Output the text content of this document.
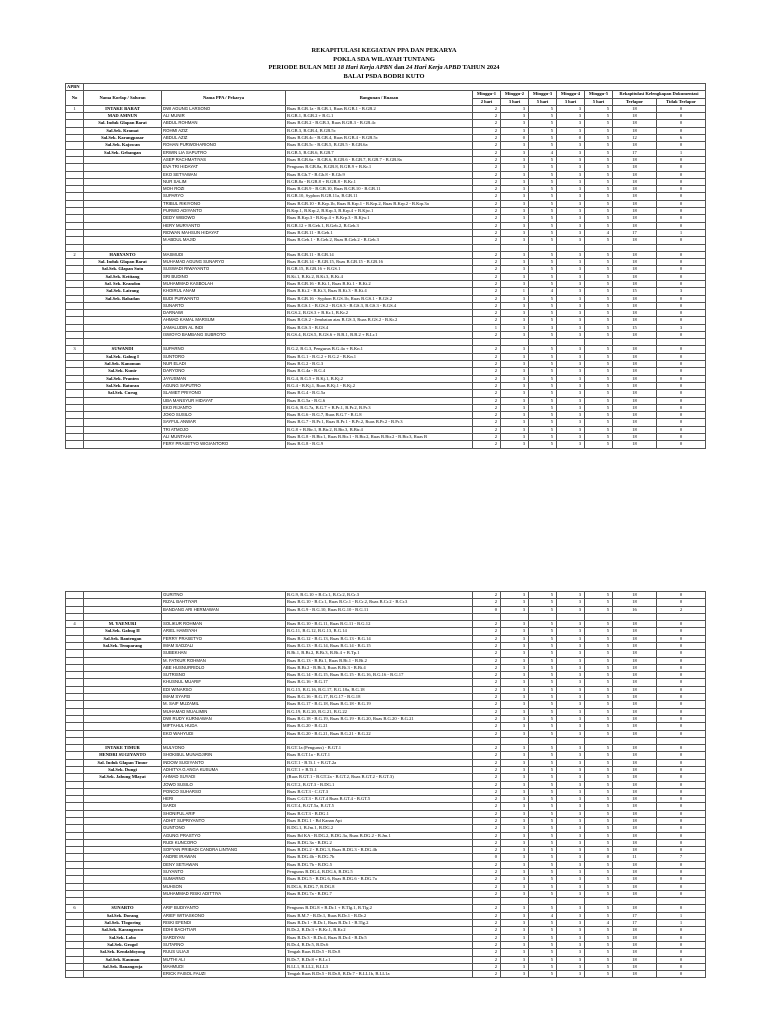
REKAPITULASI KEGIATAN PPA DAN PEKARYA
POKLA SDA WILAYAH TUNTANG
PERIODE BULAN MEI 18 Hari Kerja APBN dan 24 Hari Kerja APBD TAHUN 2024
BALAI PSDA BODRI KUTO
APBN										
No	Nama Korlap / Saluran	Nama PPA / Pekarya	Bangunan / Ruasan	Minggu-1	Minggu-2	Minggu-3	Minggu-4	Minggu-5	Rekapitulasi Kelengkapan Dokumentasi	
				2 hari	3 hari	5 hari	3 hari	5 hari	Terlapor	Tidak Terlapor
1	INTAKE BARAT	DWI AGUNG LARSONO	Ruas B.GB.1a - B.GB.1, Ruas B.GB.1 - B.GB.2	2	3	5	3	5	18	0
	MAD AMNUN	ALI MUNIR	B.GB.1, B.GB.2 + B.G.1	2	3	5	3	5	18	0
	Sal. Induk Glapan Barat	ABDUL ROHMAN	Ruas B.GB.2 - B.GB.3, Ruas B.GB.3 - B.GB.4c	2	3	5	3	5	18	0
	Sal.Sek. Kramat	ROHMI AZIZ	B.GB.3, B.GB.4, B.GB.5c	2	3	5	3	5	18	0
	Sal.Sek. Karangpasar	ABDUL AZIZ	Ruas B.GB.4c - B.GB.4, Ruas B.GB.4 - B.GB.5c	2	0	5	0	5	12	6
	Sal.Sek. Kajowan	ROHAN PURWOHARIONO	Ruas B.GB.5c - B.GB.5, B.GB.5 - B.GB.6a	2	3	5	3	5	18	0
	Sal.Sek. Gebangan	ERWIN LIA SAPUTRO	B.GB.5, B.GB.6, B.GB.7	2	3	4	3	5	17	1
		ASEP RACHMATIYAS	Ruas B.GB.6a - B.GB.6, B.GB.6 - B.GB.7, B.GB.7 - B.GB.8a	2	3	5	3	5	18	0
		EVA TRI HIDAYAT	Pengurus B.GB.8a, B.GB.8, B.GB.9 + B.Kr.1	2	3	5	3	5	18	0
		EKO SETYAWAN	Ruas B.Gb.7 - B.Gb.8 - B.Gb.9	2	3	5	3	5	18	0
		NUR SALIM	B.GB.8a - B.GB.8 + B.GB.8 - B.Kr.1	2	3	5	3	5	18	0
		MOH ROZI	Ruas B.GB.9 - B.GB.10, Ruas B.GB.10 - B.GB.11	2	3	5	3	5	18	0
		SUPARYO	B.GB.10, Syphon B.GB.11a, B.GB.11	2	3	5	3	5	18	0
		TRIBUL RIKIYONO	Ruas B.GB.10 - B.Krp.1b, Ruas B.Krp.1 - B.Krp.2, Ruas B.Krp.2 - B.Krp.3a	2	3	5	3	5	18	0
		PURWO ADIYANTO	B.Krp.1, B.Krp.2, B.Krp.3, B.Krp.4 + B.Kjw.1	2	3	5	3	5	18	0
		DEDY WIBOWO	Ruas B.Krp.3 - B.Krp.4 + B.Krp.3 - B.Kjw.1	2	3	5	3	5	18	0
		HERY MURYANTO	B.GB.12 + B.Geb.1, B.Geb.2, B.Geb.3	2	3	5	3	5	18	0
		RIDWAN MAHSUN HIDAYAT	Ruas B.GB.11 - B.Geb.1	2	3	5	3	4	17	1
		M ABDUL MAJID	Ruas B.Geb.1 - B.Geb.2, Ruas B.Geb.2 - B.Geb.3	2	3	5	3	5	18	0

2	HARYANTO	MASMUDI	Ruas B.GB.11 - B.GB.14	2	3	5	3	5	18	0
	Sal. Induk Glapan Barat	MUHAMAD AGUNG SUNARYO	Ruas B.GB.14 - B.GB.15, Ruas B.GB.15 - B.GB.16	2	3	5	3	5	18	0
	Sal.Sek. Glapan Sutu	SUSWADI RIWAYANTO	B.GB.15, B.GB.16 + B.GS.1	2	3	5	3	5	18	0
	Sal.Sek. Ketitang	SRI BUDINO	B.Kt.1, B.Kt.2, B.Kt.3, B.Kt.4	2	3	5	3	5	18	0
	Sal. Sek. Krandon	MUHAMMAD KASBOLAH	Ruas B.GB.16 - B.Kt.1, Ruas B.Kt.1 - B.Kt.2	2	3	5	3	5	18	0
	Sal.Sek. Lairang	KHOIRUL ANAM	Ruas B.Kt.2 - B.Kt.3, Ruas B.Kt.3 - B.Kt.4	2	1	4	3	5	15	3
	Sal.Sek. Babadan	BUDI PURWANTO	Ruas B.GB.16 - Syphon B.GS.1b, Ruas B.GS.1 - B.GS.2	2	3	5	3	5	18	0
		SUNARTO	Ruas B.GS.1 - B.GS.2 - B.GS.3 - B.GS.3, B.GS.3 - B.GS.4	2	3	5	3	5	18	0
		DARNAWI	B.GS.2, B.GS.3 + B.Kr.1, B.Kr.2	2	3	5	3	5	18	0
		AHMAD KAMAL MARSUM	Ruas B.GS.2 - Jembatan atas B.GS.3, Ruas B.GS.2 - B.Kr.2	2	3	5	3	5	18	0
		JAMALUDIN AL INDI	Ruas B.GS.3 - B.GS.4	1	3	3	3	5	15	3
		ISWOYO BAMBANG SUBROTO	B.GS.4, B.GS.5, B.GS.6 + B.B.1, B.B.2 + B.Lr.1	2	3	5	3	5	18	0

3	SUWANDI	SUPARNO	B.G.2, B.G.3, Pengurus B.G.4a + B.Kn.1	2	3	5	3	5	18	0
	Sal.Sek. Gabug I	SUNTORO	Ruas B.G.1 - B.G.2 + B.G.2 - B.Kn.1	2	3	5	3	5	18	0
	Sal.Sek. Kanoman	NUR ELADI	Ruas B.G.2 - B.G.3	2	3	5	3	5	18	0
	Sal.Sek. Kunir	DARYONO	Ruas B.G.4a - B.G.4	2	3	5	3	5	18	0
	Sal.Sek. Pranten	JAYUSMAN	B.G.4, B.G.5 + B.Kj.1, B.Kj.2	2	3	5	3	5	18	0
	Sal.Sek. Baturan	AGUNG SAPUTRO	B.G.4 - B.Kj.1, Ruas B.Kj.1 - B.Kj.2	2	3	5	3	5	18	0
	Sal.Sek. Curug	SLAMET PRIYONO	Ruas B.G.4 - B.G.5a	2	3	5	3	5	18	0
		UBA MANSYUR HIDAYAT	Ruas B.G.5a - B.G.6	2	3	5	3	5	18	0
		EKO RIJANTO	B.G.6, B.G.7a, B.G.7 + B.Pr.1, B.Pr.2, B.Pr.3	2	3	5	3	5	18	0
		JOKO SUSILO	Ruas B.G.6 - B.G.7, Ruas B.G.7 - B.G.8	2	3	5	3	5	18	0
		SAYFUL ANWAR	Ruas B.G.7 - B.Pr.1, Ruas B.Pr.1 - B.Pr.2, Ruas B.Pr.2 - B.Pr.3	2	3	5	3	5	18	0
		TRI ATMOJO	B.G.8 + B.Btr.1, B.Btr.2, B.Btr.3, B.Btr.4	2	3	5	3	5	18	0
		ALI MUNTAHA	Ruas B.G.8 - B.Btr.1, Ruas B.Btr.1 - B.Btr.2, Ruas B.Btr.2 - B.Btr.3, Ruas B	2	3	5	3	5	18	0
		FERY PRASETYO WIGIANTORO	Ruas B.G.8 - B.G.9	2	3	5	3	5	18	0
		GURITNO	B.G.9, B.G.10 + B.Cr.1, B.Cr.2, B.Cr.3	2	3	5	3	5	18	0
		RIZAL BAHTIYAR	Ruas B.G.10 - B.Cr.1, Ruas B.Cr.1 - B.Cr.2, Ruas B.Cr.2 - B.Cr.3	2	3	5	3	5	18	0
		BANDANG ARI HERMAWAN	Ruas B.G.9 - B.G.10, Ruas B.G.10 - B.G.11	0	3	5	3	5	16	2

4	M. YAENURI	SOLIKUR ROHMAN	Ruas B.G.10 - B.G.11, Ruas B.G.11 - B.G.12	2	3	5	3	5	18	0
	Sal.Sek. Gabug II	ARIEL HAMSYAH	B.G.11, B.G.12, B.G.13, B.G.14	2	3	5	3	5	18	0
	Sal.Sek. Bantengan	FERRY PRASETYO	Ruas B.G.12 - B.G.13, Ruas B.G.13 - B.G.14	2	3	5	3	5	18	0
	Sal.Sek. Temparang	IMAM SADZALI	Ruas B.G.13 - B.G.14, Ruas B.G.14 - B.G.15	2	3	5	3	5	18	0
		SUBEKHAN	B.Bt.1, B.Bt.2, B.Bt.3, B.Bt.4 + B.Tp.1	2	3	5	3	5	18	0
		M. FATKUR ROHMAN	Ruas B.G.13 - B.Bt.1, Ruas B.Bt.1 - B.Bt.2	2	3	5	3	5	18	0
		ABE HUSNURRIDLO	Ruas B.Bt.2 - B.Bt.3, Ruas B.Bt.3 - B.Bt.4	2	3	5	3	5	18	0
		SUTRISNO	Ruas B.G.14 - B.G.15, Ruas B.G.15 - B.G.16, B.G.16 - B.G.17	2	3	5	3	5	18	0
		KHUSNUL MUARIF	Ruas B.G.16 - B.G.17	2	3	5	3	5	18	0
		EDI WINARSO	B.G.15, B.G.16, B.G.17, B.G.18a, B.G.18	2	3	5	3	5	18	0
		IMAM SYAFEI	Ruas B.G.16 - B.G.17, B.G.17 - B.G.18	2	3	5	3	5	18	0
		M. SAIF MUZAMIL	Ruas B.G.17 - B.G.18, Ruas B.G.18 - B.G.19	2	3	5	3	5	18	0
		MUHAMAD MUALIMIN	B.G.19, B.G.20, B.G.21, B.G.22	2	3	5	3	5	18	0
		DWI RUDY KURNIAWAN	Ruas B.G.18 - B.G.19, Ruas B.G.19 - B.G.20, Ruas B.G.20 - B.G.21	2	3	5	3	5	18	0
		MIFTAHUL HUDA	Ruas B.G.20 - B.G.21	2	3	5	3	5	18	0
		EKO WAHYUDI	Ruas B.G.20 - B.G.21, Ruas B.G.21 - B.G.22	2	3	5	3	5	18	0

	INTAKE TIMUR	MULYONO	B.GT.1a (Pengurus) - B.GT.1	2	3	5	3	5	18	0
	HENDRI SUGIYANTO	SHOKIBUL MUNADJIRIN	Ruas B.GT.1a - B.GT.1	2	3	5	3	5	18	0
	Sal. Induk Glapan Timur	INDOW SUGIYANTO	B.GT.1 - B.Ti.1 + B.GT.2a	2	3	5	3	5	18	0
	Sal.Sek. Dungi	ADHITYA G ANGA KUSUMA	B.GT.1 + B.Ti.1	2	3	5	3	5	18	0
	Sal.Sek. Jabung Mlayat	AHMAD SUYADI	(Ruas B.GT.1 - B.GT.2a - B.GT.2, Ruas B.GT.2 - B.GT.3)	2	3	5	3	5	18	0
		JOWO SUSILO	B.GT.2, B.GT.3 - B.DG.1	2	3	5	3	5	18	0
		PONCO SUHARSO	Ruas B.GT.3 - C.GT.3	2	3	5	3	5	18	0
		HERI	Ruas C.GT.3 - B.GT.4 Ruas B.GT.4 - B.GT.5	2	3	5	3	5	18	0
		SARDI	B.GT.4, B.GT.5a, B.GT.5	2	3	5	3	5	18	0
		SHONIFUL ARIF	Ruas B.GT.3 - B.DG.1	2	3	5	3	5	18	0
		ADHIT SUPRIYANTO	Ruas B.DG.1 - Bd Kanan Api	2	3	5	3	5	18	0
		GUNTONO	B.DG.1, B.Jm.1, B.DG.2	2	3	5	3	5	18	0
		AGUNG PRASTYO	Ruas Bd KA - B.DG.2, B.DG.3a, Ruas B.DG.2 - B.Jm.1	2	3	5	3	5	18	0
		RUDI KUNCORO	Ruas B.DG.3a - B.DG.2	2	3	5	3	5	18	0
		SOFYAN PRIBADI CANDRA LINTANG	Ruas B.DG.2 - B.DG.3, Ruas B.DG.3 - B.DG.4b	2	3	5	3	5	18	0
		ANDRE IRAWAN	Ruas B.DG.4b - B.DG.7b	0	3	5	3	0	11	7
		DENY SETIAWAN	Ruas B.DG.7b - B.DG.5	2	3	5	3	5	18	0
		SUYANTO	Pengurus B.DG.4, B.DG.6, B.DG.5	2	3	5	3	5	18	0
		SUMARNO	Ruas B.DG.5 - B.DG.6, Ruas B.DG.6 - B.DG.7a	2	3	5	3	5	18	0
		MUHSON	B.DG.6, B.DG.7, B.DG.8	2	3	5	3	5	18	0
		MUHAMMAD RISKI ADITTIYA	Ruas B.DG.7a - B.DG.7	2	3	5	3	5	18	0

6	SUNARTO	ARIF BUDIYANTO	Pengurus B.DG.8 + B.Dr.1 + B.Tlg.1, B.Tlg.2	2	3	5	3	5	18	0
	Sal.Sek. Dorang	ARIEF WITIASKONO	Ruas B.M.7 - B.Dr.1, Ruas B.Dr.1 - B.Dr.2	2	3	4	3	5	17	1
	Sal.Sek. Tlogoring	RISKI EFENDI	Ruas B.Dr.1 - B.Dr.1, Ruas B.Dr.1 - B.Tlg.2	2	3	5	3	4	17	1
	Sal.Sek. Karangrowo	EDHI BACHTIAR	B.Dr.2, B.Dr.3 + B.Kr.1, B.Kr.2	2	3	5	3	5	18	0
	Sal.Sek. Lobo	SARDIYAN	Ruas B.Dr.3 - B.Dr.4, Ruas B.Dr.4 - B.Dr.5	2	3	5	3	5	18	0
	Sal.Sek. Grogol	SUTARNO	B.Dr.4, B.Dr.5, B.Dr.6	2	3	5	3	5	18	0
	Sal.Sek. Kendaldoyong	RUUS ULIAJI	Tengah Ruas B.Dr.5 - B.Dr.8	2	3	5	3	5	18	0
	Sal.Sek. Kauman	MU'THI ALI	B.Dr.7, B.Dr.8 + B.Lr.1	2	3	5	3	5	18	0
	Sal.Sek. Banangroja	MAHMUDI	B.LL1, B.LL2, B.LL3	2	3	5	3	5	18	0
		ERICK FAISOL FAUZI	Tengah Ruas B.Dr.5 - B.Dr.8, B.Dr.7 - B.LL1b, B.LL1a	2	3	5	3	5	18	0
